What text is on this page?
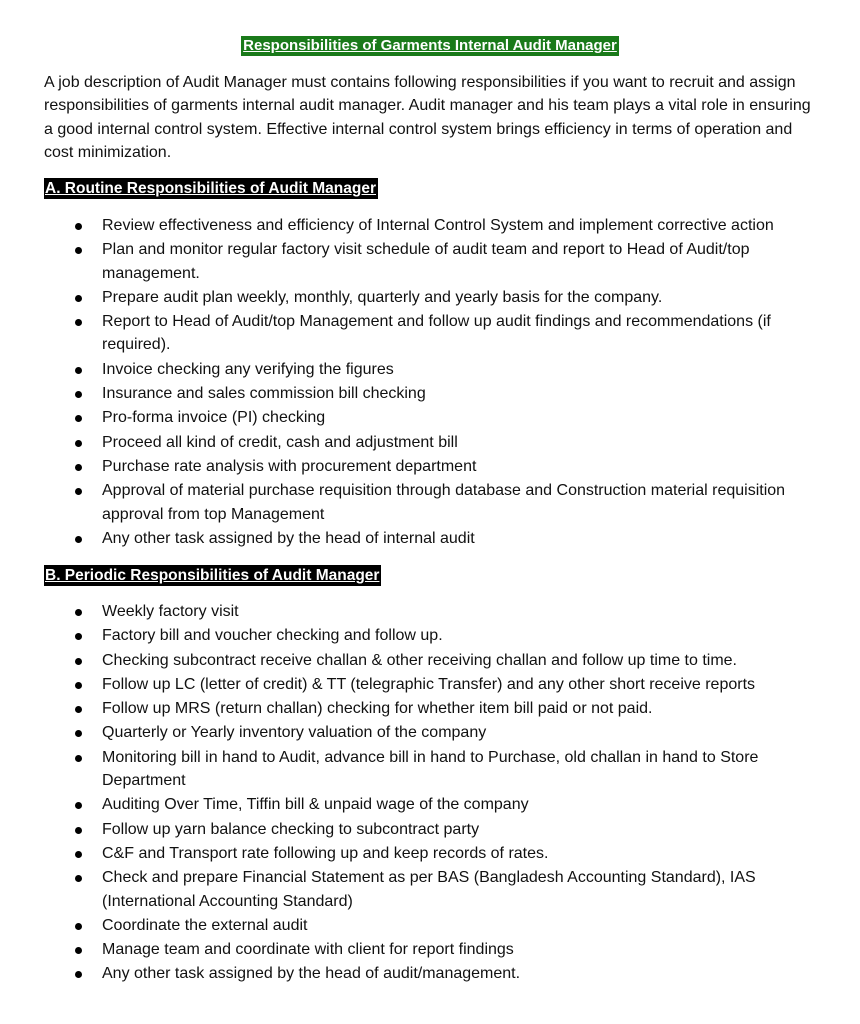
Responsibilities of Garments Internal Audit Manager

A job description of Audit Manager must contains following responsibilities if you want to recruit and assign responsibilities of garments internal audit manager. Audit manager and his team plays a vital role in ensuring a good internal control system. Effective internal control system brings efficiency in terms of operation and cost minimization.

A. Routine Responsibilities of Audit Manager
Review effectiveness and efficiency of Internal Control System and implement corrective action
Plan and monitor regular factory visit schedule of audit team and report to Head of Audit/top management.
Prepare audit plan weekly, monthly, quarterly and yearly basis for the company.
Report to Head of Audit/top Management and follow up audit findings and recommendations (if required).
Invoice checking any verifying the figures
Insurance and sales commission bill checking
Pro-forma invoice (PI) checking
Proceed all kind of credit, cash and adjustment bill
Purchase rate analysis with procurement department
Approval of material purchase requisition through database and Construction material requisition approval from top Management
Any other task assigned by the head of internal audit
B. Periodic Responsibilities of Audit Manager
Weekly factory visit
Factory bill and voucher checking and follow up.
Checking subcontract receive challan & other receiving challan and follow up time to time.
Follow up LC (letter of credit) & TT (telegraphic Transfer) and any other short receive reports
Follow up MRS (return challan) checking for whether item bill paid or not paid.
Quarterly or Yearly inventory valuation of the company
Monitoring bill in hand to Audit, advance bill in hand to Purchase, old challan in hand to Store Department
Auditing Over Time, Tiffin bill & unpaid wage of the company
Follow up yarn balance checking to subcontract party
C&F and Transport rate following up and keep records of rates.
Check and prepare Financial Statement as per BAS (Bangladesh Accounting Standard), IAS (International Accounting Standard)
Coordinate the external audit
Manage team and coordinate with client for report findings
Any other task assigned by the head of audit/management.
